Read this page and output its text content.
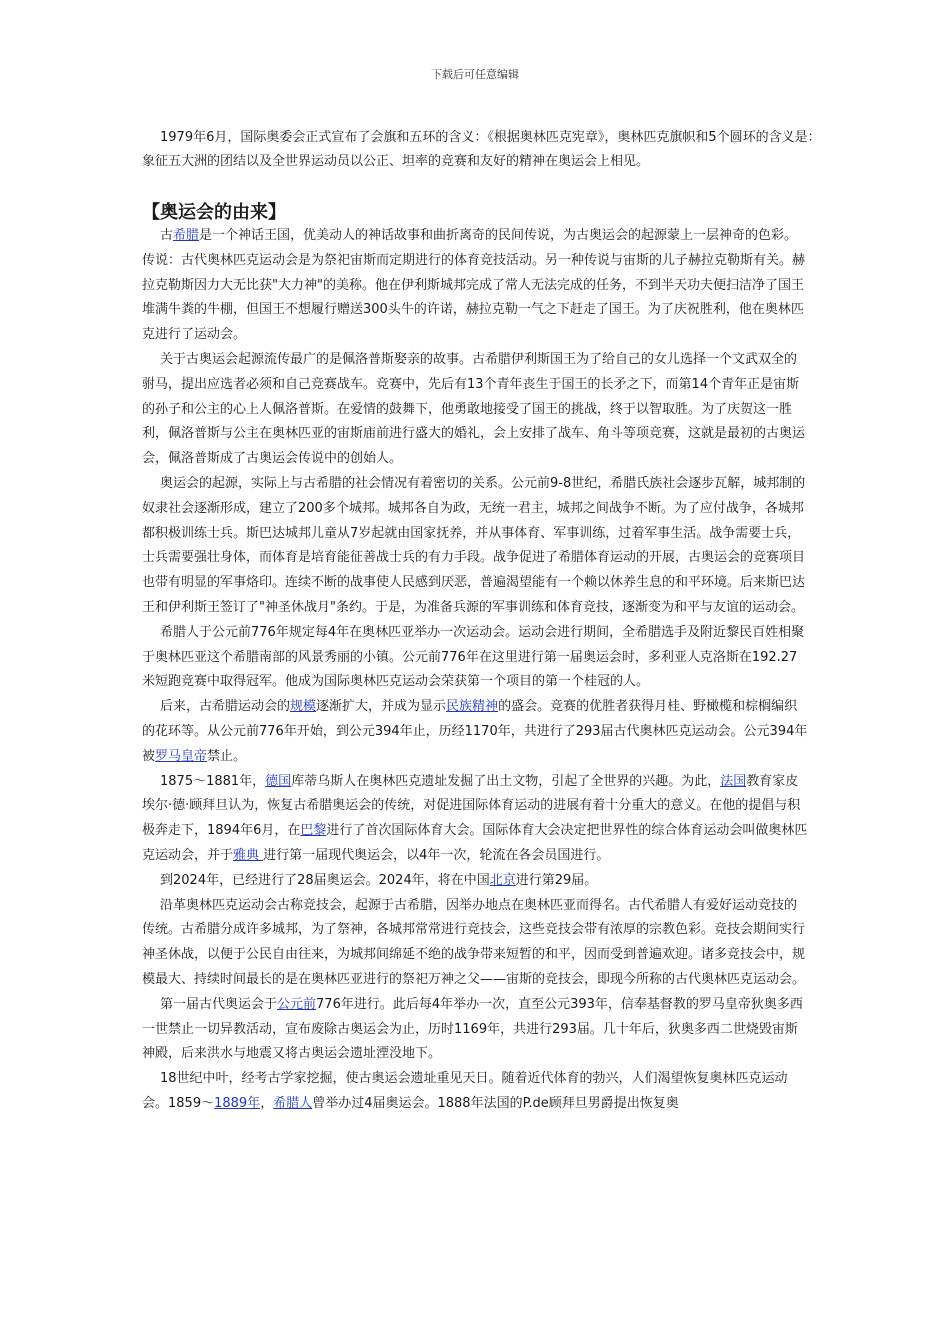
下载后可任意编辑
1979年6月，国际奥委会正式宣布了会旗和五环的含义：《根据奥林匹克宪章》，奥林匹克旗帜和5个圆环的含义是：象征五大洲的团结以及全世界运动员以公正、坦率的竞赛和友好的精神在奥运会上相见。
【奥运会的由来】

古希腊是一个神话王国，优美动人的神话故事和曲折离奇的民间传说，为古奥运会的起源蒙上一层神奇的色彩。传说：古代奥林匹克运动会是为祭祀宙斯而定期进行的体育竞技活动。另一种传说与宙斯的儿子赫拉克勒斯有关。赫拉克勒斯因力大无比获"大力神"的美称。他在伊利斯城邦完成了常人无法完成的任务，不到半天功夫便扫洁净了国王堆满牛粪的牛棚，但国王不想履行赠送300头牛的许诺，赫拉克勒一气之下赶走了国王。为了庆祝胜利，他在奥林匹克进行了运动会。

关于古奥运会起源流传最广的是佩洛普斯娶亲的故事。古希腊伊利斯国王为了给自己的女儿选择一个文武双全的驸马，提出应选者必须和自己竞赛战车。竞赛中，先后有13个青年丧生于国王的长矛之下，而第14个青年正是宙斯的孙子和公主的心上人佩洛普斯。在爱情的鼓舞下，他勇敢地接受了国王的挑战，终于以智取胜。为了庆贺这一胜利，佩洛普斯与公主在奥林匹亚的宙斯庙前进行盛大的婚礼，会上安排了战车、角斗等项竞赛，这就是最初的古奥运会，佩洛普斯成了古奥运会传说中的创始人。

奥运会的起源，实际上与古希腊的社会情况有着密切的关系。公元前9-8世纪，希腊氏族社会逐步瓦解，城邦制的奴隶社会逐渐形成，建立了200多个城邦。城邦各自为政，无统一君主，城邦之间战争不断。为了应付战争，各城邦都积极训练士兵。斯巴达城邦儿童从7岁起就由国家抚养，并从事体育、军事训练，过着军事生活。战争需要士兵，士兵需要强壮身体，而体育是培育能征善战士兵的有力手段。战争促进了希腊体育运动的开展，古奥运会的竞赛项目也带有明显的军事烙印。连续不断的战事使人民感到厌恶，普遍渴望能有一个赖以休养生息的和平环境。后来斯巴达王和伊利斯王签订了"神圣休战月"条约。于是，为准备兵源的军事训练和体育竞技，逐渐变为和平与友谊的运动会。

希腊人于公元前776年规定每4年在奥林匹亚举办一次运动会。运动会进行期间，全希腊选手及附近黎民百姓相聚于奥林匹亚这个希腊南部的风景秀丽的小镇。公元前776年在这里进行第一届奥运会时，多利亚人克洛斯在192.27米短跑竞赛中取得冠军。他成为国际奥林匹克运动会荣获第一个项目的第一个桂冠的人。

后来，古希腊运动会的规模逐渐扩大，并成为显示民族精神的盛会。竞赛的优胜者获得月桂、野橄榄和棕榈编织的花环等。从公元前776年开始，到公元394年止，历经1170年，共进行了293届古代奥林匹克运动会。公元394年被罗马皇帝禁止。

1875～1881年，德国库蒂乌斯人在奥林匹克遗址发掘了出土文物，引起了全世界的兴趣。为此，法国教育家皮埃尔·德·顾拜旦认为，恢复古希腊奥运会的传统，对促进国际体育运动的进展有着十分重大的意义。在他的提倡与积极奔走下，1894年6月，在巴黎进行了首次国际体育大会。国际体育大会决定把世界性的综合体育运动会叫做奥林匹克运动会，并于雅典 进行第一届现代奥运会，以4年一次，轮流在各会员国进行。

到2024年，已经进行了28届奥运会。2024年，将在中国北京进行第29届。

沿革奥林匹克运动会古称竞技会，起源于古希腊，因举办地点在奥林匹亚而得名。古代希腊人有爱好运动竞技的传统。古希腊分成许多城邦，为了祭神，各城邦常常进行竞技会，这些竞技会带有浓厚的宗教色彩。竞技会期间实行神圣休战，以便于公民自由往来，为城邦间绵延不绝的战争带来短暂的和平，因而受到普遍欢迎。诸多竞技会中，规模最大、持续时间最长的是在奥林匹亚进行的祭祀万神之父——宙斯的竞技会，即现今所称的古代奥林匹克运动会。

第一届古代奥运会于公元前776年进行。此后每4年举办一次，直至公元393年，信奉基督教的罗马皇帝狄奥多西一世禁止一切异教活动，宣布废除古奥运会为止，历时1169年，共进行293届。几十年后，狄奥多西二世烧毁宙斯神殿，后来洪水与地震又将古奥运会遗址湮没地下。

18世纪中叶，经考古学家挖掘，使古奥运会遗址重见天日。随着近代体育的勃兴，人们渴望恢复奥林匹克运动会。1859～1889年，希腊人曾举办过4届奥运会。1888年法国的P.de顾拜旦男爵提出恢复奥
